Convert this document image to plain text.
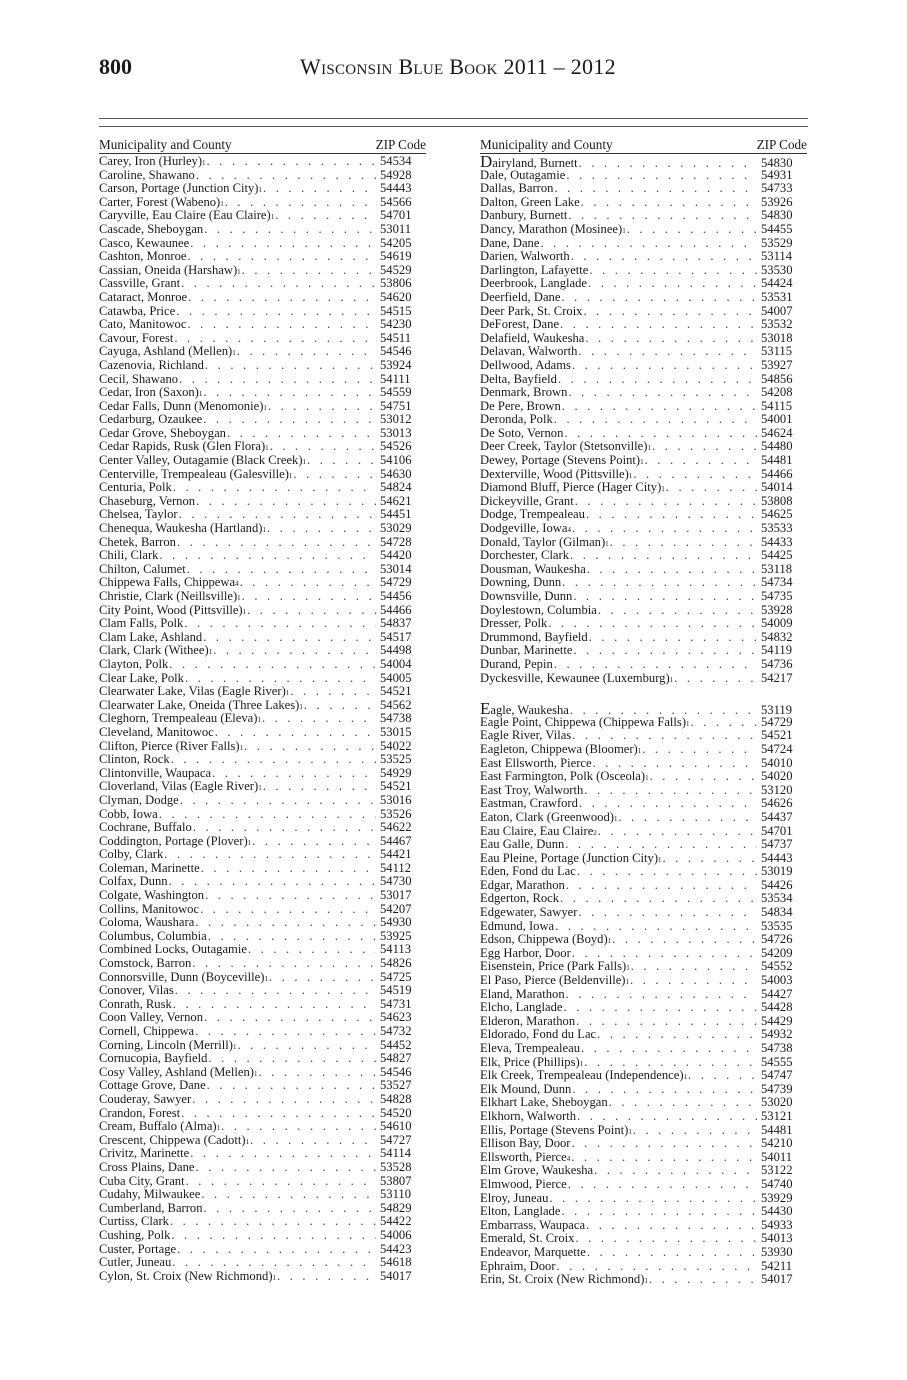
800	Wisconsin Blue Book 2011 – 2012
Municipality and County	ZIP Code
Carey, Iron (Hurley) 1 . . .	54534
Caroline, Shawano . . .	54928
Carson, Portage (Junction City) 1 . . .	54443
Carter, Forest (Wabeno) 1 . . .	54566
Caryville, Eau Claire (Eau Claire) 1 . . .	54701
Cascade, Sheboygan . . .	53011
Casco, Kewaunee . . .	54205
Cashton, Monroe . . .	54619
Cassian, Oneida (Harshaw) 1 . . .	54529
Cassville, Grant . . .	53806
Cataract, Monroe . . .	54620
Catawba, Price . . .	54515
Cato, Manitowoc . . .	54230
Cavour, Forest . . .	54511
Cayuga, Ashland (Mellen) 1 . . .	54546
Cazenovia, Richland . . .	53924
Cecil, Shawano . . .	54111
Cedar, Iron (Saxon) 1 . . .	54559
Cedar Falls, Dunn (Menomonie) 1 . . .	54751
Cedarburg, Ozaukee . . .	53012
Cedar Grove, Sheboygan . . .	53013
Cedar Rapids, Rusk (Glen Flora) 1 . . .	54526
Center Valley, Outagamie (Black Creek) 1 . . .	54106
Centerville, Trempealeau (Galesville) 1 . . .	54630
Centuria, Polk . . .	54824
Chaseburg, Vernon . . .	54621
Chelsea, Taylor . . .	54451
Chenequa, Waukesha (Hartland) 1 . . .	53029
Chetek, Barron . . .	54728
Chili, Clark . . .	54420
Chilton, Calumet . . .	53014
Chippewa Falls, Chippewa 4 . . .	54729
Christie, Clark (Neillsville) 1 . . .	54456
City Point, Wood (Pittsville) 1 . . .	54466
Clam Falls, Polk . . .	54837
Clam Lake, Ashland . . .	54517
Clark, Clark (Withee) 1 . . .	54498
Clayton, Polk . . .	54004
Clear Lake, Polk . . .	54005
Clearwater Lake, Vilas (Eagle River) 1 . . .	54521
Clearwater Lake, Oneida (Three Lakes) 1 . . .	54562
Cleghorn, Trempealeau (Eleva) 1 . . .	54738
Cleveland, Manitowoc . . .	53015
Clifton, Pierce (River Falls) 1 . . .	54022
Clinton, Rock . . .	53525
Clintonville, Waupaca . . .	54929
Cloverland, Vilas (Eagle River) 1 . . .	54521
Clyman, Dodge . . .	53016
Cobb, Iowa . . .	53526
Cochrane, Buffalo . . .	54622
Coddington, Portage (Plover) 1 . . .	54467
Colby, Clark . . .	54421
Coleman, Marinette . . .	54112
Colfax, Dunn . . .	54730
Colgate, Washington . . .	53017
Collins, Manitowoc . . .	54207
Coloma, Waushara . . .	54930
Columbus, Columbia . . .	53925
Combined Locks, Outagamie . . .	54113
Comstock, Barron . . .	54826
Connorsville, Dunn (Boyceville) 1 . . .	54725
Conover, Vilas . . .	54519
Conrath, Rusk . . .	54731
Coon Valley, Vernon . . .	54623
Cornell, Chippewa . . .	54732
Corning, Lincoln (Merrill) 1 . . .	54452
Cornucopia, Bayfield . . .	54827
Cosy Valley, Ashland (Mellen) 1 . . .	54546
Cottage Grove, Dane . . .	53527
Couderay, Sawyer . . .	54828
Crandon, Forest . . .	54520
Cream, Buffalo (Alma) 1 . . .	54610
Crescent, Chippewa (Cadott) 1 . . .	54727
Crivitz, Marinette . . .	54114
Cross Plains, Dane . . .	53528
Cuba City, Grant . . .	53807
Cudahy, Milwaukee . . .	53110
Cumberland, Barron . . .	54829
Curtiss, Clark . . .	54422
Cushing, Polk . . .	54006
Custer, Portage . . .	54423
Cutler, Juneau . . .	54618
Cylon, St. Croix (New Richmond) 1 . . .	54017
Municipality and County	ZIP Code
Dairyland, Burnett . . .	54830
Dale, Outagamie . . .	54931
Dallas, Barron . . .	54733
Dalton, Green Lake . . .	53926
Danbury, Burnett . . .	54830
Dancy, Marathon (Mosinee) 1 . . .	54455
Dane, Dane . . .	53529
Darien, Walworth . . .	53114
Darlington, Lafayette . . .	53530
Deerbrook, Langlade . . .	54424
Deerfield, Dane . . .	53531
Deer Park, St. Croix . . .	54007
DeForest, Dane . . .	53532
Delafield, Waukesha . . .	53018
Delavan, Walworth . . .	53115
Dellwood, Adams . . .	53927
Delta, Bayfield . . .	54856
Denmark, Brown . . .	54208
De Pere, Brown . . .	54115
Deronda, Polk . . .	54001
De Soto, Vernon . . .	54624
Deer Creek, Taylor (Stetsonville) 1 . . .	54480
Dewey, Portage (Stevens Point) 1 . . .	54481
Dexterville, Wood (Pittsville) 1 . . .	54466
Diamond Bluff, Pierce (Hager City) 1 . . .	54014
Dickeyville, Grant . . .	53808
Dodge, Trempealeau . . .	54625
Dodgeville, Iowa 4 . . .	53533
Donald, Taylor (Gilman) 1 . . .	54433
Dorchester, Clark . . .	54425
Dousman, Waukesha . . .	53118
Downing, Dunn . . .	54734
Downsville, Dunn . . .	54735
Doylestown, Columbia . . .	53928
Dresser, Polk . . .	54009
Drummond, Bayfield . . .	54832
Dunbar, Marinette . . .	54119
Durand, Pepin . . .	54736
Dyckesville, Kewaunee (Luxemburg) 1 . . .	54217
Eagle, Waukesha . . .	53119
Eagle Point, Chippewa (Chippewa Falls) 1 . . .	54729
Eagle River, Vilas . . .	54521
Eagleton, Chippewa (Bloomer) 1 . . .	54724
East Ellsworth, Pierce . . .	54010
East Farmington, Polk (Osceola) 1 . . .	54020
East Troy, Walworth . . .	53120
Eastman, Crawford . . .	54626
Eaton, Clark (Greenwood) 1 . . .	54437
Eau Claire, Eau Claire 2 . . .	54701
Eau Galle, Dunn . . .	54737
Eau Pleine, Portage (Junction City) 1 . . .	54443
Eden, Fond du Lac . . .	53019
Edgar, Marathon . . .	54426
Edgerton, Rock . . .	53534
Edgewater, Sawyer . . .	54834
Edmund, Iowa . . .	53535
Edson, Chippewa (Boyd) 1 . . .	54726
Egg Harbor, Door . . .	54209
Eisenstein, Price (Park Falls) 1 . . .	54552
El Paso, Pierce (Beldenville) 1 . . .	54003
Eland, Marathon . . .	54427
Elcho, Langlade . . .	54428
Elderon, Marathon . . .	54429
Eldorado, Fond du Lac . . .	54932
Eleva, Trempealeau . . .	54738
Elk, Price (Phillips) 1 . . .	54555
Elk Creek, Trempealeau (Independence) 1 . . .	54747
Elk Mound, Dunn . . .	54739
Elkhart Lake, Sheboygan . . .	53020
Elkhorn, Walworth . . .	53121
Ellis, Portage (Stevens Point) 1 . . .	54481
Ellison Bay, Door . . .	54210
Ellsworth, Pierce 4 . . .	54011
Elm Grove, Waukesha . . .	53122
Elmwood, Pierce . . .	54740
Elroy, Juneau . . .	53929
Elton, Langlade . . .	54430
Embarrass, Waupaca . . .	54933
Emerald, St. Croix . . .	54013
Endeavor, Marquette . . .	53930
Ephraim, Door . . .	54211
Erin, St. Croix (New Richmond) 1 . . .	54017
